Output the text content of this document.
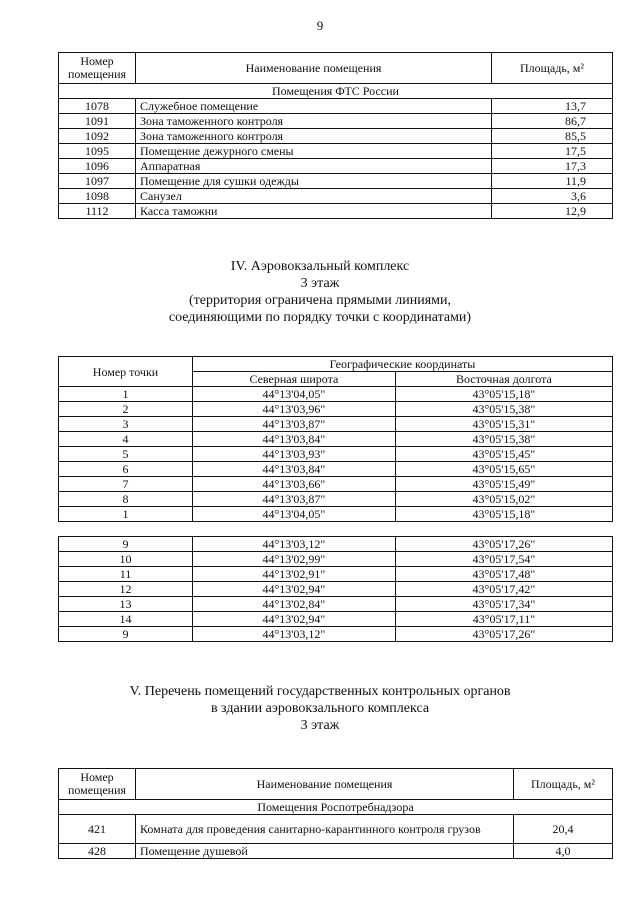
9
Номер помещения	Наименование помещения	Площадь, м²
Помещения ФТС России		
1078	Служебное помещение	13,7
1091	Зона таможенного контроля	86,7
1092	Зона таможенного контроля	85,5
1095	Помещение дежурного смены	17,5
1096	Аппаратная	17,3
1097	Помещение для сушки одежды	11,9
1098	Санузел	3,6
1112	Касса таможни	12,9
IV. Аэровокзальный комплекс
3 этаж
(территория ограничена прямыми линиями,
соединяющими по порядку точки с координатами)
Номер точки	Географические координаты	
	Северная широта	Восточная долгота
1	44°13'04,05"	43°05'15,18"
2	44°13'03,96"	43°05'15,38"
3	44°13'03,87"	43°05'15,31"
4	44°13'03,84"	43°05'15,38"
5	44°13'03,93"	43°05'15,45"
6	44°13'03,84"	43°05'15,65"
7	44°13'03,66"	43°05'15,49"
8	44°13'03,87"	43°05'15,02"
1	44°13'04,05"	43°05'15,18"

9	44°13'03,12"	43°05'17,26"
10	44°13'02,99"	43°05'17,54"
11	44°13'02,91"	43°05'17,48"
12	44°13'02,94"	43°05'17,42"
13	44°13'02,84"	43°05'17,34"
14	44°13'02,94"	43°05'17,11"
9	44°13'03,12"	43°05'17,26"
V. Перечень помещений государственных контрольных органов
в здании аэровокзального комплекса
3 этаж
Номер помещения	Наименование помещения	Площадь, м²
Помещения Роспотребнадзора		
421	Комната для проведения санитарно-карантинного контроля грузов	20,4
428	Помещение душевой	4,0
